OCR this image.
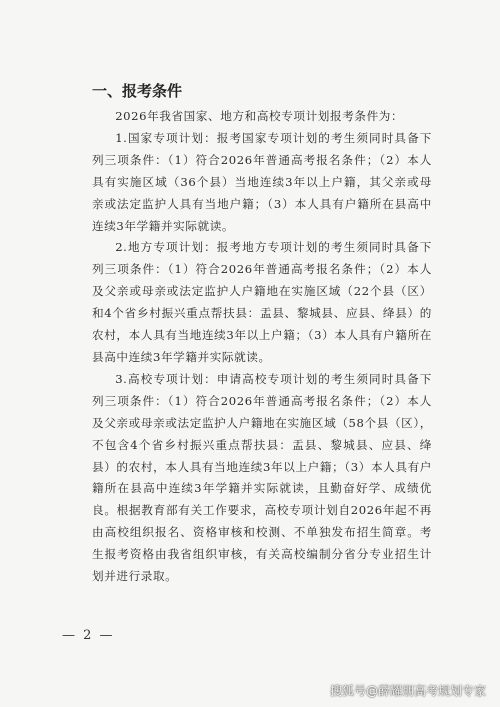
一、报考条件

2026年我省国家、地方和高校专项计划报考条件为：

1.国家专项计划：报考国家专项计划的考生须同时具备下列三项条件：（1）符合2026年普通高考报名条件；（2）本人具有实施区域（36个县）当地连续3年以上户籍，其父亲或母亲或法定监护人具有当地户籍；（3）本人具有户籍所在县高中连续3年学籍并实际就读。

2.地方专项计划：报考地方专项计划的考生须同时具备下列三项条件：（1）符合2026年普通高考报名条件；（2）本人及父亲或母亲或法定监护人户籍地在实施区域（22个县（区）和4个省乡村振兴重点帮扶县：盂县、黎城县、应县、绛县）的农村，本人具有当地连续3年以上户籍；（3）本人具有户籍所在县高中连续3年学籍并实际就读。

3.高校专项计划：申请高校专项计划的考生须同时具备下列三项条件：（1）符合2026年普通高考报名条件；（2）本人及父亲或母亲或法定监护人户籍地在实施区域（58个县（区），不包含4个省乡村振兴重点帮扶县：盂县、黎城县、应县、绛县）的农村，本人具有当地连续3年以上户籍；（3）本人具有户籍所在县高中连续3年学籍并实际就读，且勤奋好学、成绩优良。根据教育部有关工作要求，高校专项计划自2026年起不再由高校组织报名、资格审核和校测、不单独发布招生简章。考生报考资格由我省组织审核，有关高校编制分省分专业招生计划并进行录取。

— 2 —
搜狐号@薛耀朋高考规划专家
